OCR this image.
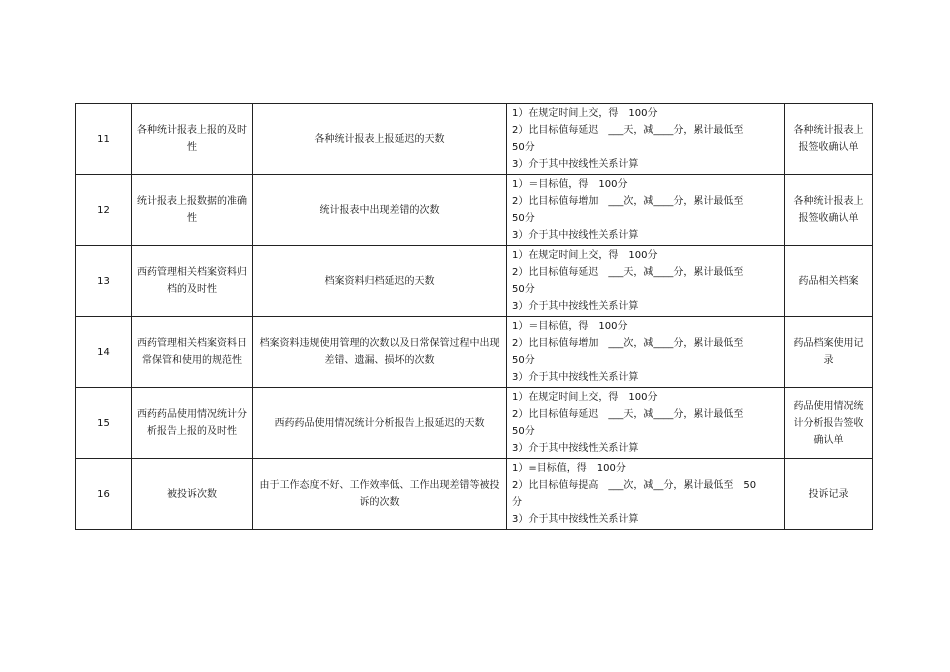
11	各种统计报表上报的及时性	各种统计报表上报延迟的天数	1）在规定时间上交，得　100分
2）比目标值每延迟　___天，减____分，累计最低至
50分
3）介于其中按线性关系计算	各种统计报表上报签收确认单
12	统计报表上报数据的准确性	统计报表中出现差错的次数	1）＝目标值，得　100分
2）比目标值每增加　___次，减____分，累计最低至
50分
3）介于其中按线性关系计算	各种统计报表上报签收确认单
13	西药管理相关档案资料归档的及时性	档案资料归档延迟的天数	1）在规定时间上交，得　100分
2）比目标值每延迟　___天，减____分，累计最低至
50分
3）介于其中按线性关系计算	药品相关档案
14	西药管理相关档案资料日常保管和使用的规范性	档案资料违规使用管理的次数以及日常保管过程中出现差错、遗漏、损坏的次数	1）＝目标值，得　100分
2）比目标值每增加　___次，减____分，累计最低至
50分
3）介于其中按线性关系计算	药品档案使用记录
15	西药药品使用情况统计分析报告上报的及时性	西药药品使用情况统计分析报告上报延迟的天数	1）在规定时间上交，得　100分
2）比目标值每延迟　___天，减____分，累计最低至
50分
3）介于其中按线性关系计算	药品使用情况统计分析报告签收确认单
16	被投诉次数	由于工作态度不好、工作效率低、工作出现差错等被投诉的次数	1）=目标值，得　100分
2）比目标值每提高　___次，减__分，累计最低至　50
分
3）介于其中按线性关系计算	投诉记录
